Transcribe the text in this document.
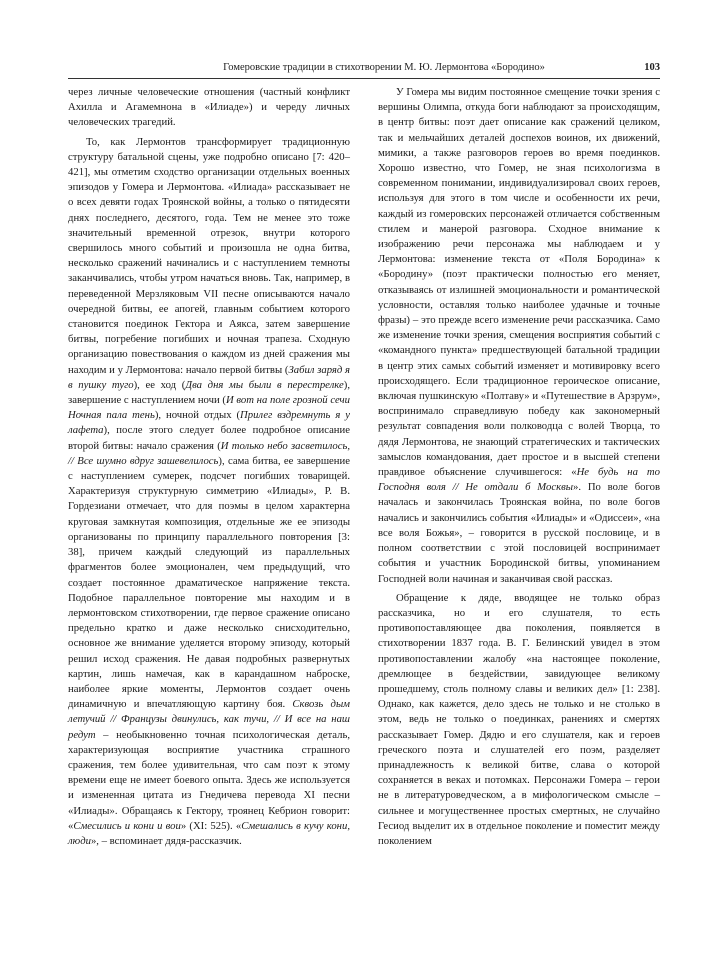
Гомеровские традиции в стихотворении М. Ю. Лермонтова «Бородино»	103

через личные человеческие отношения (частный конфликт Ахилла и Агамемнона в «Илиаде») и череду личных человеческих трагедий.

То, как Лермонтов трансформирует традиционную структуру батальной сцены, уже подробно описано [7: 420–421], мы отметим сходство организации отдельных военных эпизодов у Гомера и Лермонтова. «Илиада» рассказывает не о всех девяти годах Троянской войны, а только о пятидесяти днях последнего, десятого, года. Тем не менее это тоже значительный временной отрезок, внутри которого свершилось много событий и произошла не одна битва, несколько сражений начинались и с наступлением темноты заканчивались, чтобы утром начаться вновь. Так, например, в переведенной Мерзляковым VII песне описываются начало очередной битвы, ее апогей, главным событием которого становится поединок Гектора и Аякса, затем завершение битвы, погребение погибших и ночная трапеза. Сходную организацию повествования о каждом из дней сражения мы находим и у Лермонтова: начало первой битвы (Забил заряд я в пушку туго), ее ход (Два дня мы были в перестрелке), завершение с наступлением ночи (И вот на поле грозной сечи Ночная пала тень), ночной отдых (Прилег вздремнуть я у лафета), после этого следует более подробное описание второй битвы: начало сражения (И только небо засветилось, // Все шумно вдруг зашевелилось), сама битва, ее завершение с наступлением сумерек, подсчет погибших товарищей. Характеризуя структурную симметрию «Илиады», Р. В. Гордезиани отмечает, что для поэмы в целом характерна круговая замкнутая композиция, отдельные же ее эпизоды организованы по принципу параллельного повторения [3: 38], причем каждый следующий из параллельных фрагментов более эмоционален, чем предыдущий, что создает постоянное драматическое напряжение текста. Подобное параллельное повторение мы находим и в лермонтовском стихотворении, где первое сражение описано предельно кратко и даже несколько снисходительно, основное же внимание уделяется второму эпизоду, который решил исход сражения. Не давая подробных развернутых картин, лишь намечая, как в карандашном наброске, наиболее яркие моменты, Лермонтов создает очень динамичную и впечатляющую картину боя. Сквозь дым летучий // Французы двинулись, как тучи, // И все на наш редут – необыкновенно точная психологическая деталь, характеризующая восприятие участника страшного сражения, тем более удивительная, что сам поэт к этому времени еще не имеет боевого опыта. Здесь же используется и измененная цитата из Гнедичева перевода XI песни «Илиады». Обращаясь к Гектору, троянец Кебрион говорит: «Смесились и кони и вои» (XI: 525). «Смешались в кучу кони, люди», – вспоминает дядя-рассказчик.

У Гомера мы видим постоянное смещение точки зрения с вершины Олимпа, откуда боги наблюдают за происходящим, в центр битвы: поэт дает описание как сражений целиком, так и мельчайших деталей доспехов воинов, их движений, мимики, а также разговоров героев во время поединков. Хорошо известно, что Гомер, не зная психологизма в современном понимании, индивидуализировал своих героев, используя для этого в том числе и особенности их речи, каждый из гомеровских персонажей отличается собственным стилем и манерой разговора. Сходное внимание к изображению речи персонажа мы наблюдаем и у Лермонтова: изменение текста от «Поля Бородина» к «Бородину» (поэт практически полностью его меняет, отказываясь от излишней эмоциональности и романтической условности, оставляя только наиболее удачные и точные фразы) – это прежде всего изменение речи рассказчика. Само же изменение точки зрения, смещения восприятия событий с «командного пункта» предшествующей батальной традиции в центр этих самых событий изменяет и мотивировку всего происходящего. Если традиционное героическое описание, включая пушкинскую «Полтаву» и «Путешествие в Арзрум», воспринимало справедливую победу как закономерный результат совпадения воли полководца с волей Творца, то дядя Лермонтова, не знающий стратегических и тактических замыслов командования, дает простое и в высшей степени правдивое объяснение случившегося: «Не будь на то Господня воля // Не отдали б Москвы». По воле богов началась и закончилась Троянская война, по воле богов начались и закончились события «Илиады» и «Одиссеи», «на все воля Божья», – говорится в русской пословице, и в полном соответствии с этой пословицей воспринимает события и участник Бородинской битвы, упоминанием Господней воли начиная и заканчивая свой рассказ.

Обращение к дяде, вводящее не только образ рассказчика, но и его слушателя, то есть противопоставляющее два поколения, появляется в стихотворении 1837 года. В. Г. Белинский увидел в этом противопоставлении жалобу «на настоящее поколение, дремлющее в бездействии, завидующее великому прошедшему, столь полному славы и великих дел» [1: 238]. Однако, как кажется, дело здесь не только и не столько в этом, ведь не только о поединках, ранениях и смертях рассказывает Гомер. Дядю и его слушателя, как и героев греческого поэта и слушателей его поэм, разделяет принадлежность к великой битве, слава о которой сохраняется в веках и потомках. Персонажи Гомера – герои не в литературоведческом, а в мифологическом смысле – сильнее и могущественнее простых смертных, не случайно Гесиод выделит их в отдельное поколение и поместит между поколением
